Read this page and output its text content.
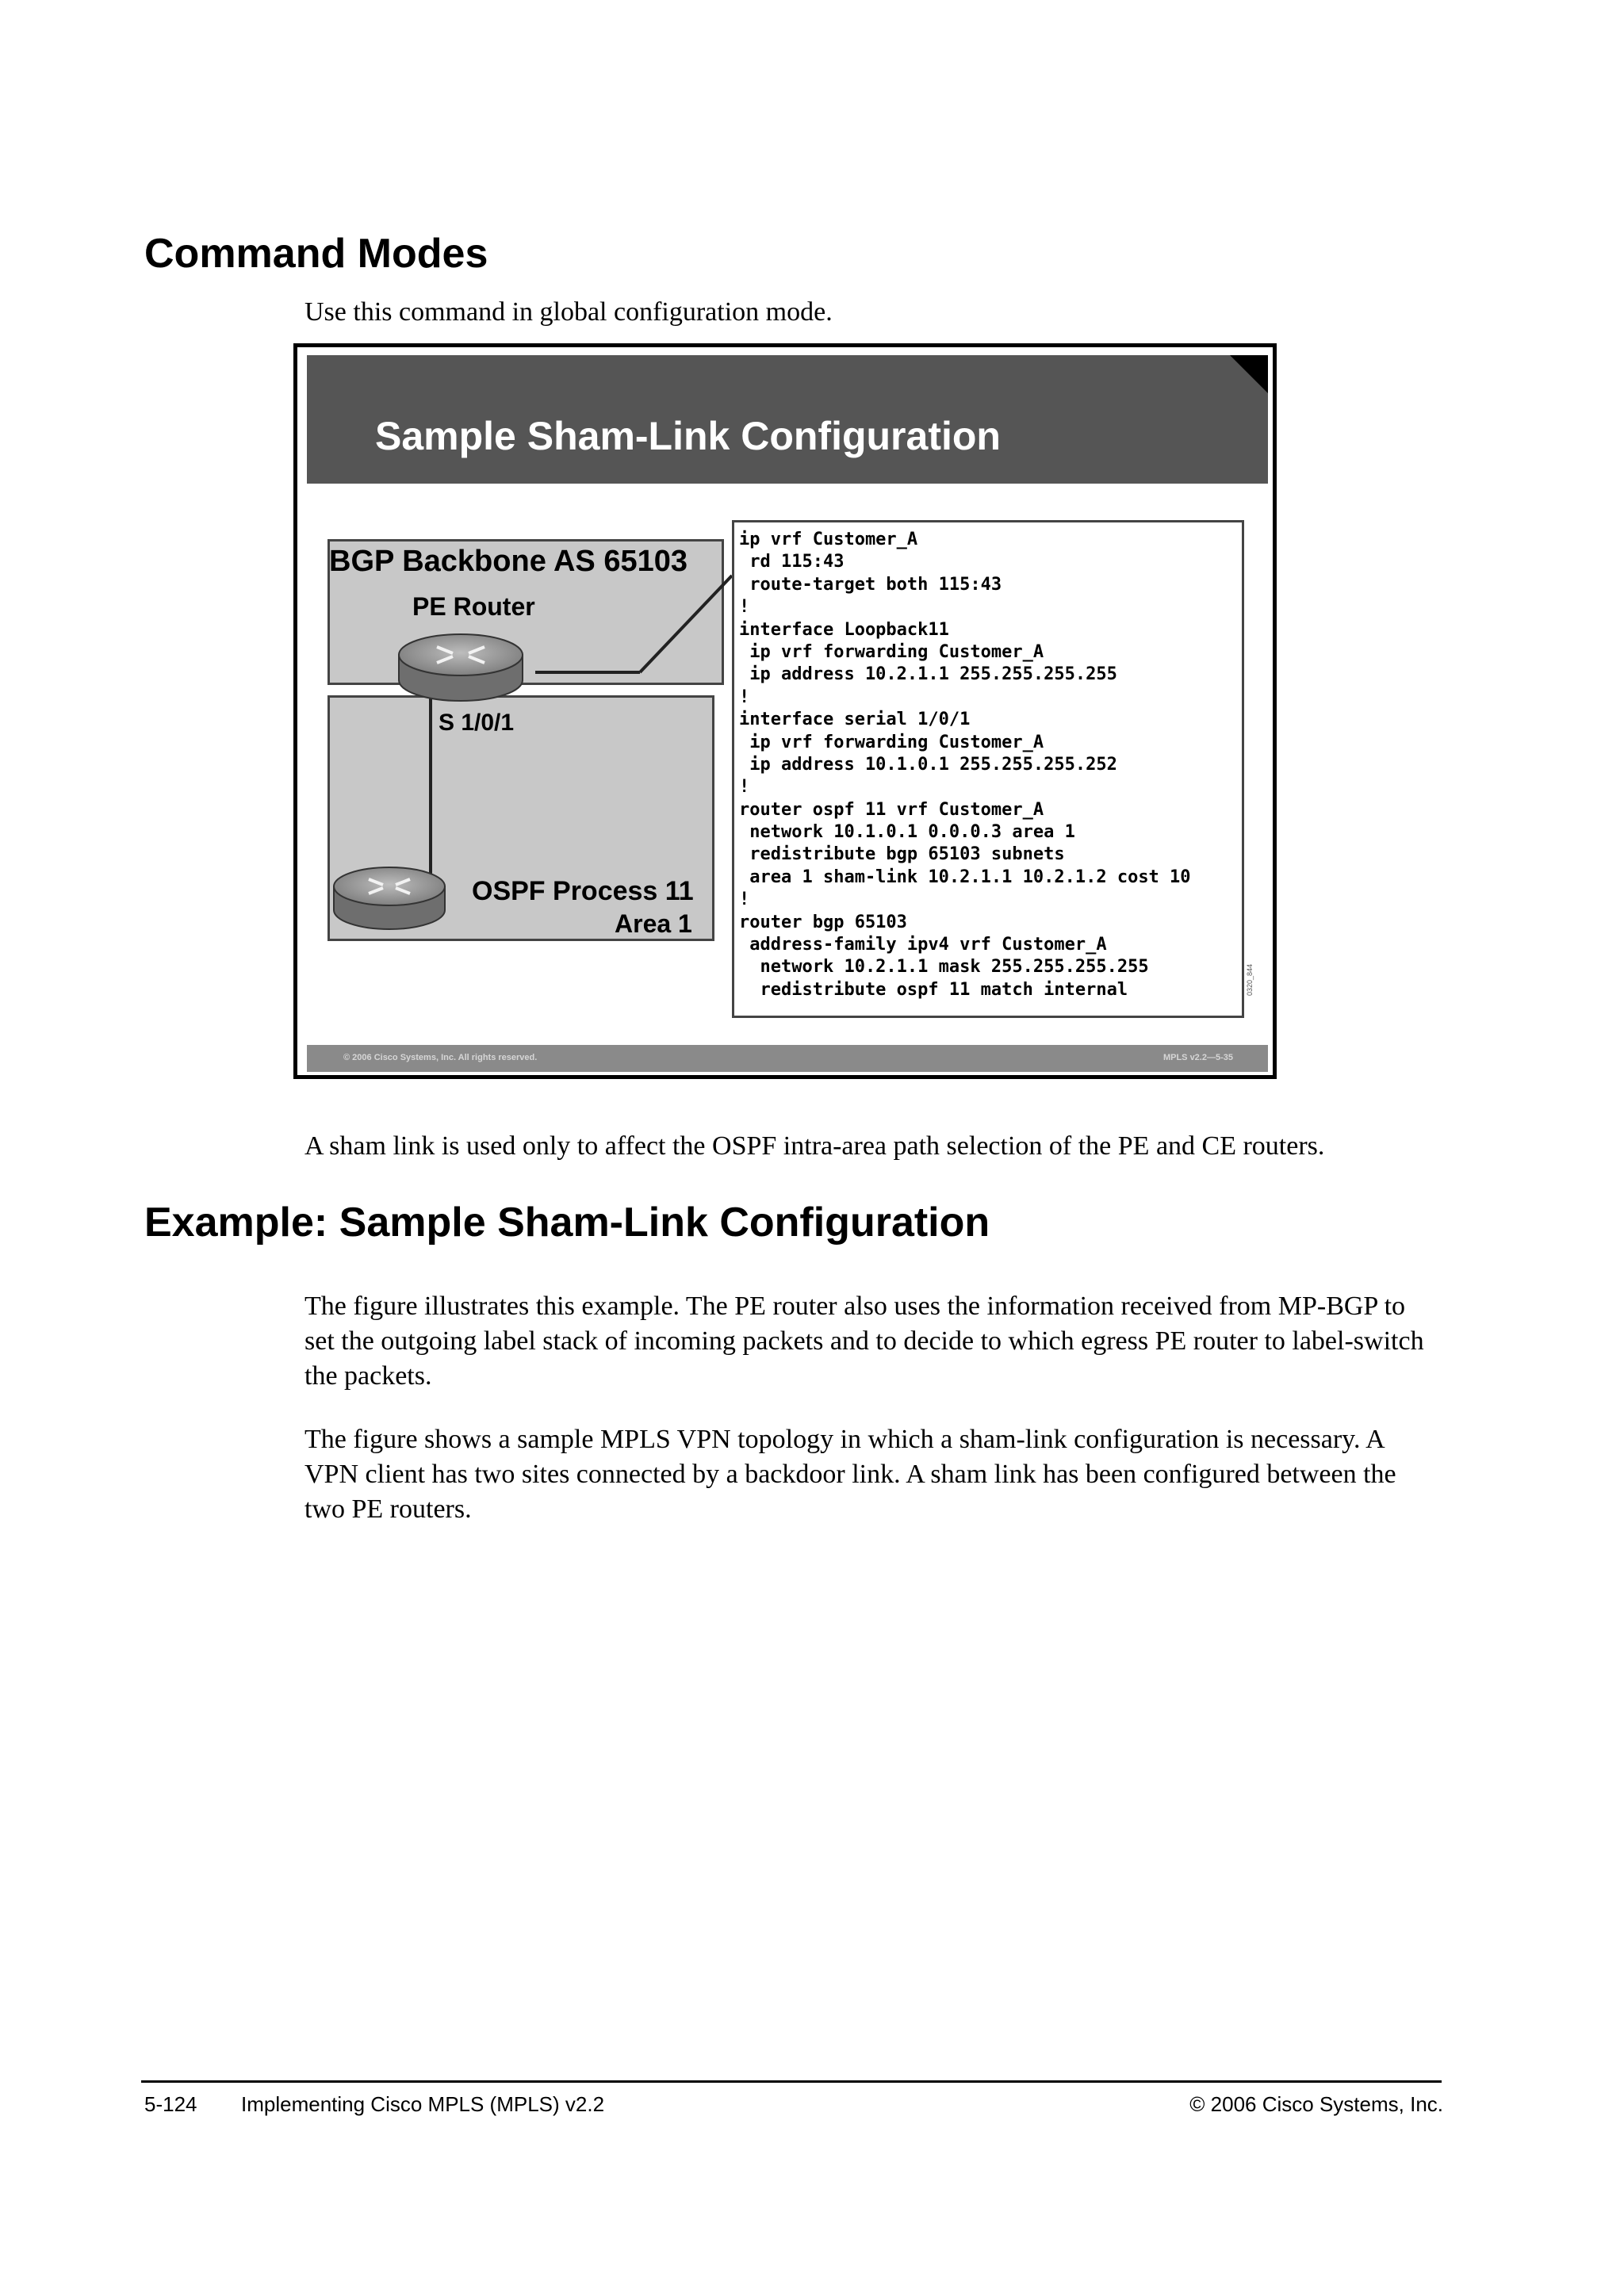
Command Modes
Use this command in global configuration mode.
Sample Sham-Link Configuration
BGP Backbone AS 65103
PE Router
S 1/0/1
OSPF Process 11
Area 1
ip vrf Customer_A
rd 115:43
route-target both 115:43
!
interface Loopback11
ip vrf forwarding Customer_A
ip address 10.2.1.1 255.255.255.255
!
interface serial 1/0/1
ip vrf forwarding Customer_A
ip address 10.1.0.1 255.255.255.252
!
router ospf 11 vrf Customer_A
network 10.1.0.1 0.0.0.3 area 1
redistribute bgp 65103 subnets
area 1 sham-link 10.2.1.1 10.2.1.2 cost 10
!
router bgp 65103
address-family ipv4 vrf Customer_A
network 10.2.1.1 mask 255.255.255.255
redistribute ospf 11 match internal	0320_844
© 2006 Cisco Systems, Inc. All rights reserved.	MPLS v2.2—5-35
A sham link is used only to affect the OSPF intra-area path selection of the PE and CE routers.
Example: Sample Sham-Link Configuration
The figure illustrates this example. The PE router also uses the information received from MP-BGP to set the outgoing label stack of incoming packets and to decide to which egress PE router to label-switch the packets.
The figure shows a sample MPLS VPN topology in which a sham-link configuration is necessary. A VPN client has two sites connected by a backdoor link. A sham link has been configured between the two PE routers.
5-124 Implementing Cisco MPLS (MPLS) v2.2	© 2006 Cisco Systems, Inc.
